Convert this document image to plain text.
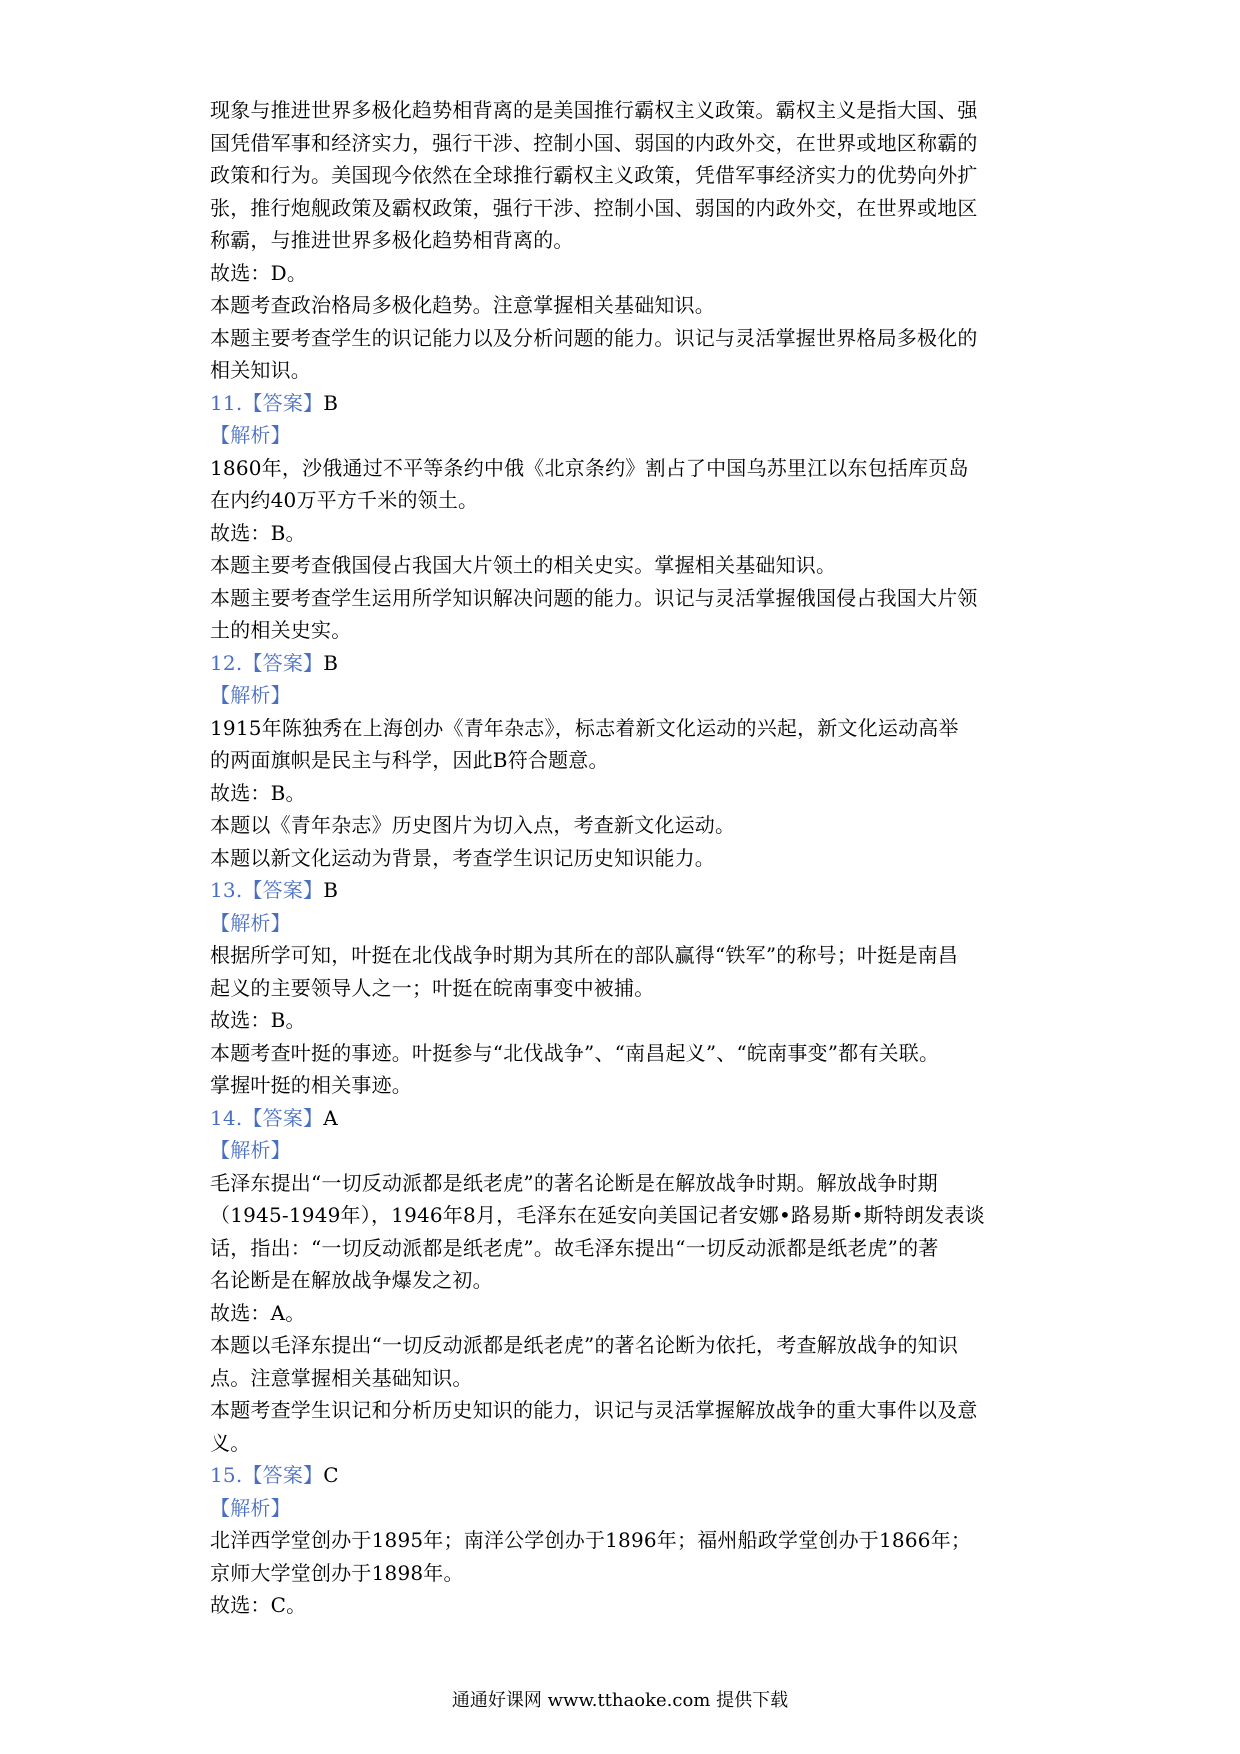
现象与推进世界多极化趋势相背离的是美国推行霸权主义政策。霸权主义是指大国、强
国凭借军事和经济实力，强行干涉、控制小国、弱国的内政外交，在世界或地区称霸的
政策和行为。美国现今依然在全球推行霸权主义政策，凭借军事经济实力的优势向外扩
张，推行炮舰政策及霸权政策，强行干涉、控制小国、弱国的内政外交，在世界或地区
称霸，与推进世界多极化趋势相背离的。
故选：D。
本题考查政治格局多极化趋势。注意掌握相关基础知识。
本题主要考查学生的识记能力以及分析问题的能力。识记与灵活掌握世界格局多极化的
相关知识。
11.【答案】B
【解析】
1860年，沙俄通过不平等条约中俄《北京条约》割占了中国乌苏里江以东包括库页岛
在内约40万平方千米的领土。
故选：B。
本题主要考查俄国侵占我国大片领土的相关史实。掌握相关基础知识。
本题主要考查学生运用所学知识解决问题的能力。识记与灵活掌握俄国侵占我国大片领
土的相关史实。
12.【答案】B
【解析】
1915年陈独秀在上海创办《青年杂志》，标志着新文化运动的兴起，新文化运动高举
的两面旗帜是民主与科学，因此B符合题意。
故选：B。
本题以《青年杂志》历史图片为切入点，考查新文化运动。
本题以新文化运动为背景，考查学生识记历史知识能力。
13.【答案】B
【解析】
根据所学可知，叶挺在北伐战争时期为其所在的部队赢得“铁军”的称号；叶挺是南昌
起义的主要领导人之一；叶挺在皖南事变中被捕。
故选：B。
本题考查叶挺的事迹。叶挺参与“北伐战争”、“南昌起义”、“皖南事变”都有关联。
掌握叶挺的相关事迹。
14.【答案】A
【解析】
毛泽东提出“一切反动派都是纸老虎”的著名论断是在解放战争时期。解放战争时期
（1945-1949年），1946年8月，毛泽东在延安向美国记者安娜•路易斯•斯特朗发表谈
话，指出：“一切反动派都是纸老虎”。故毛泽东提出“一切反动派都是纸老虎”的著
名论断是在解放战争爆发之初。
故选：A。
本题以毛泽东提出“一切反动派都是纸老虎”的著名论断为依托，考查解放战争的知识
点。注意掌握相关基础知识。
本题考查学生识记和分析历史知识的能力，识记与灵活掌握解放战争的重大事件以及意
义。
15.【答案】C
【解析】
北洋西学堂创办于1895年；南洋公学创办于1896年；福州船政学堂创办于1866年；
京师大学堂创办于1898年。
故选：C。
通通好课网 www.tthaoke.com 提供下载
